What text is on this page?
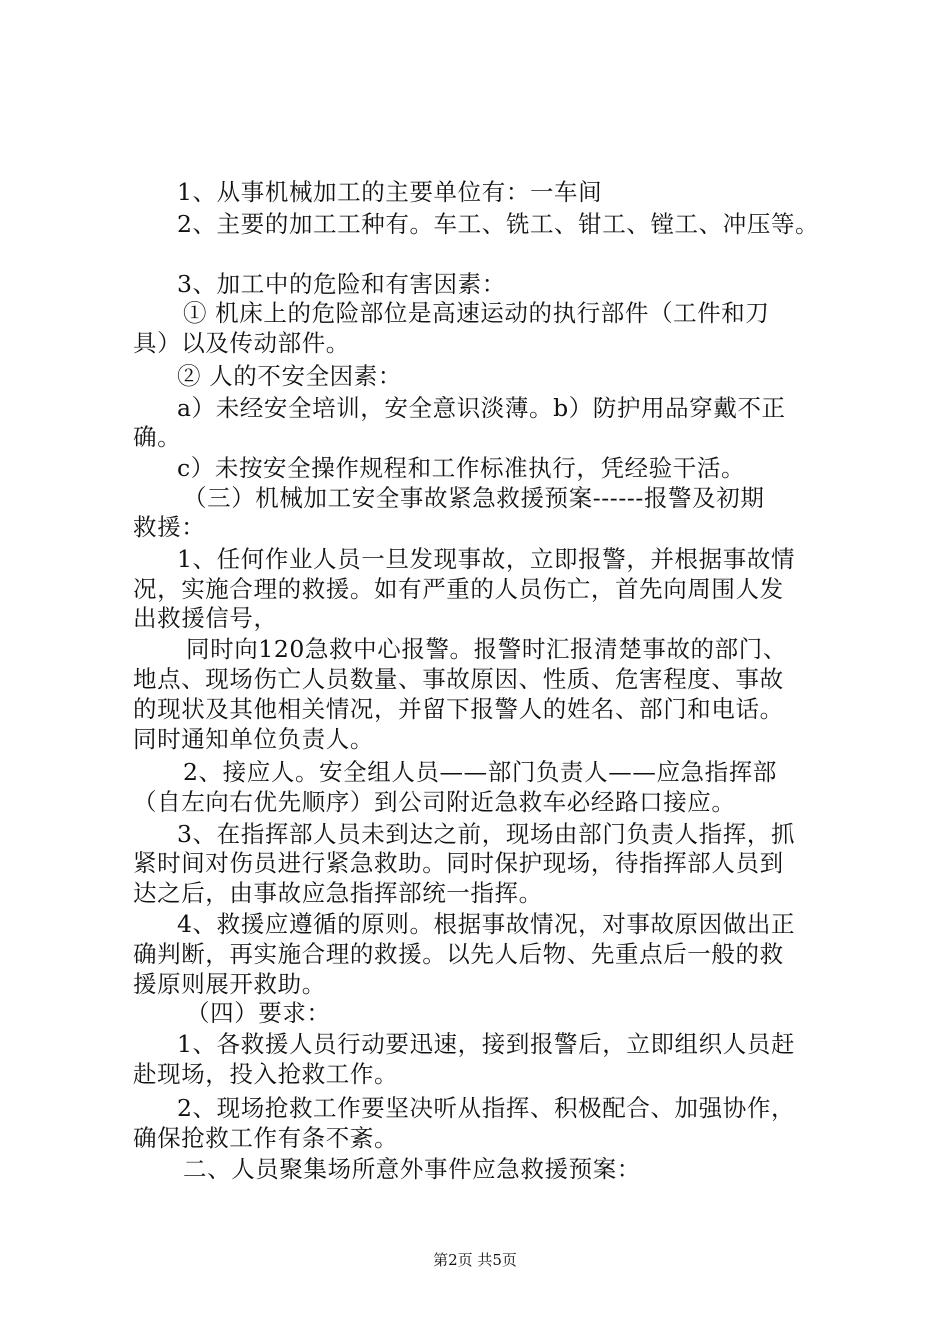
1、从事机械加工的主要单位有：一车间
2、主要的加工工种有。车工、铣工、钳工、镗工、冲压等。
3、加工中的危险和有害因素：
① 机床上的危险部位是高速运动的执行部件（工件和刀
具）以及传动部件。
② 人的不安全因素：
a）未经安全培训，安全意识淡薄。b）防护用品穿戴不正
确。
c）未按安全操作规程和工作标准执行，凭经验干活。
（三）机械加工安全事故紧急救援预案------报警及初期
救援：
1、任何作业人员一旦发现事故，立即报警，并根据事故情
况，实施合理的救援。如有严重的人员伤亡，首先向周围人发
出救援信号，
同时向120急救中心报警。报警时汇报清楚事故的部门、
地点、现场伤亡人员数量、事故原因、性质、危害程度、事故
的现状及其他相关情况，并留下报警人的姓名、部门和电话。
同时通知单位负责人。
2、接应人。安全组人员——部门负责人——应急指挥部
（自左向右优先顺序）到公司附近急救车必经路口接应。
3、在指挥部人员未到达之前，现场由部门负责人指挥，抓
紧时间对伤员进行紧急救助。同时保护现场，待指挥部人员到
达之后，由事故应急指挥部统一指挥。
4、救援应遵循的原则。根据事故情况，对事故原因做出正
确判断，再实施合理的救援。以先人后物、先重点后一般的救
援原则展开救助。
（四）要求：
1、各救援人员行动要迅速，接到报警后，立即组织人员赶
赴现场，投入抢救工作。
2、现场抢救工作要坚决听从指挥、积极配合、加强协作，
确保抢救工作有条不紊。
二、人员聚集场所意外事件应急救援预案：
第2页 共5页
